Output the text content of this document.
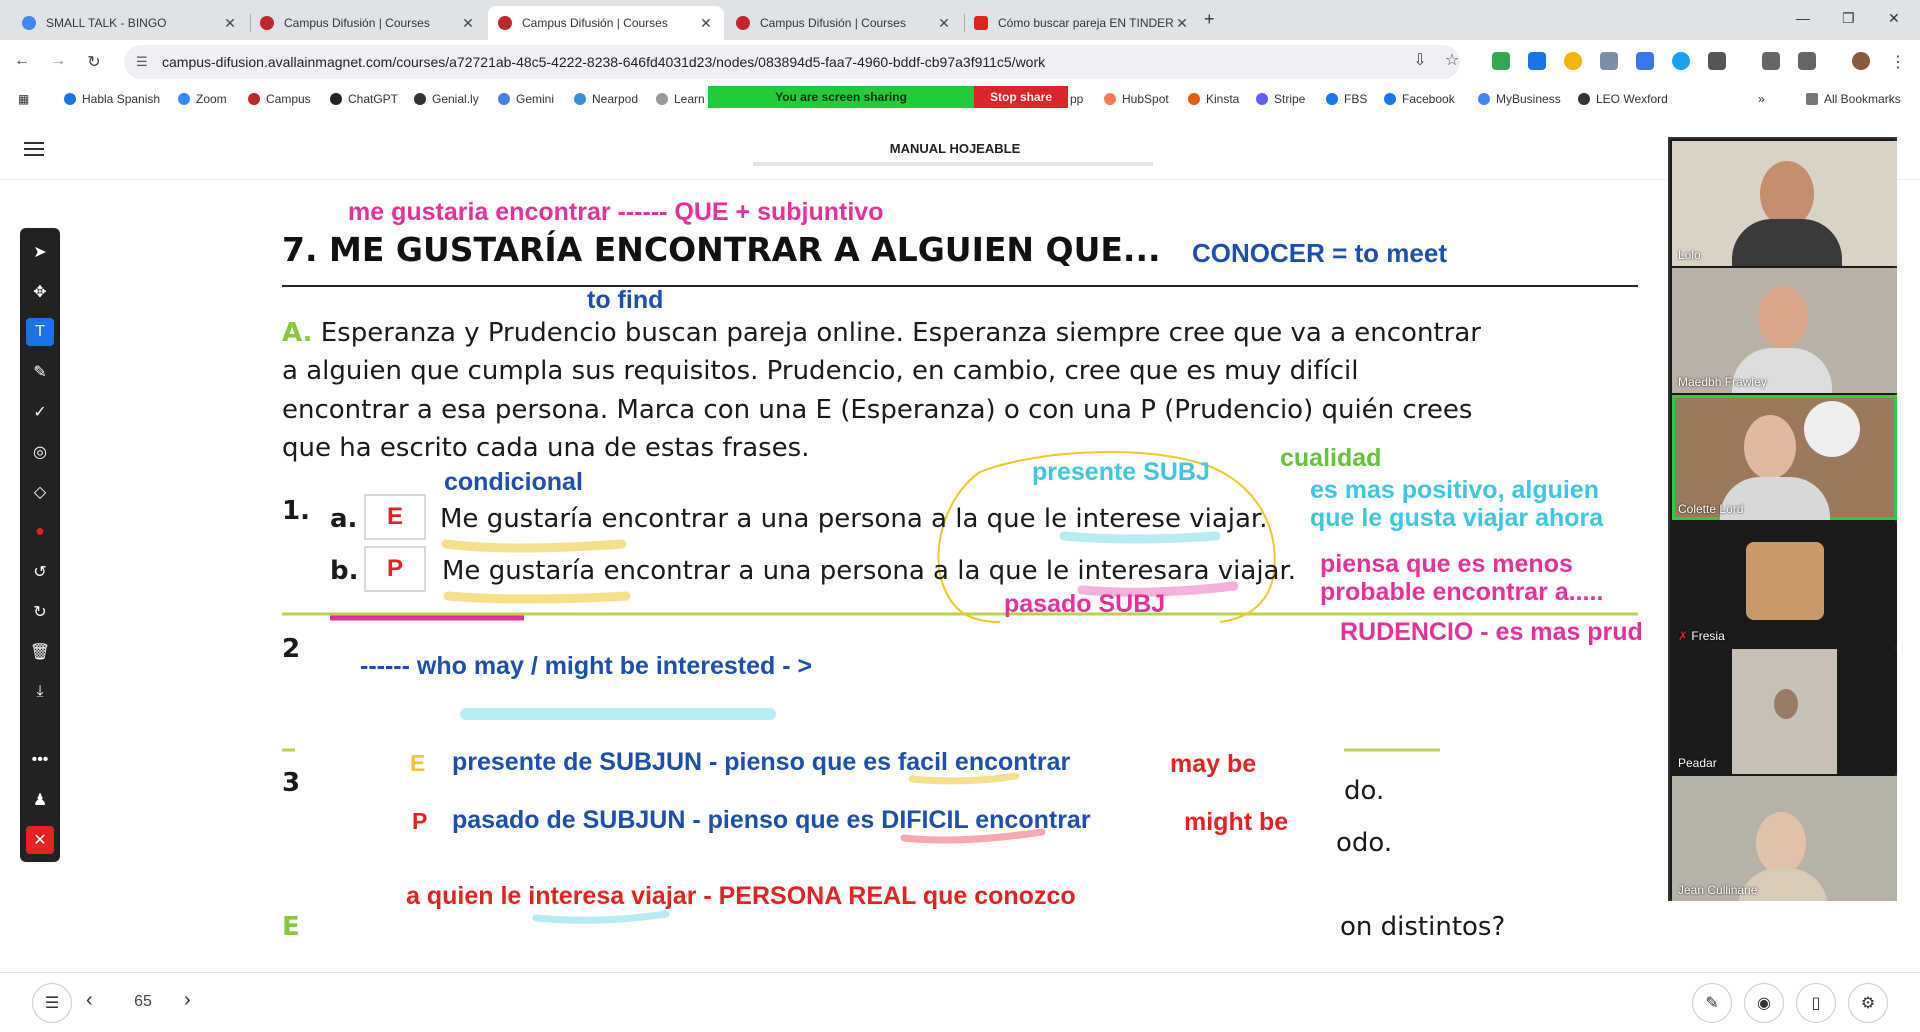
SMALL TALK - BINGO	✕	Campus Difusión | Courses	✕	Campus Difusión | Courses	✕	Campus Difusión | Courses	✕	Cómo buscar pareja EN TINDER ✕ +	— ❐ ✕
← →	↻	☰	campus-difusion.avallainmagnet.com/courses/a72721ab-48c5-4222-8238-646fd4031d23/nodes/083894d5-faa7-4960-bddf-cb97a3f911c5/work	⇩	☆	⋮
▦	Habla Spanish	Zoom	Campus	ChatGPT	Genial.ly	Gemini	Nearpod	Learn	pp	HubSpot	Kinsta	Stripe	FBS	Facebook	MyBusiness	LEO Wexford	»	All Bookmarks
You are screen sharing	Stop share
MANUAL HOJEABLE
me gustaria encontrar ------ QUE + subjuntivo
7. ME GUSTARÍA ENCONTRAR A ALGUIEN QUE... CONOCER = to meet
to find
A. Esperanza y Prudencio buscan pareja online. Esperanza siempre cree que va a encontrar
a alguien que cumpla sus requisitos. Prudencio, en cambio, cree que es muy difícil
encontrar a esa persona. Marca con una E (Esperanza) o con una P (Prudencio) quién crees
que ha escrito cada una de estas frases.
condicional	presente SUBJ	cualidad
1. a.	E	Me gustaría encontrar a una persona a la que le interese viajar.
b.	P	Me gustaría encontrar a una persona a la que le interesara viajar.
es mas positivo, alguien
que le gusta viajar ahora
piensa que es menos
probable encontrar a.....
pasado SUBJ
RUDENCIO - es mas prud
2
------ who may / might be interested - >
E presente de SUBJUN - pienso que es facil encontrar	may be
3	do.
P pasado de SUBJUN - pienso que es DIFICIL encontrar	might be
odo.
a quien le interesa viajar - PERSONA REAL que conozco
E	on distintos?
➤
✥
T
✎
✓
◎
◇
●
↺
↻
🗑
⤓
•••
♟
✕
Lolo
Maedbh Frawley
Colette Lord
✗ Fresia
Peadar
Jean Cullinane
☰	‹	65	›	✎	◉	▯	⚙
